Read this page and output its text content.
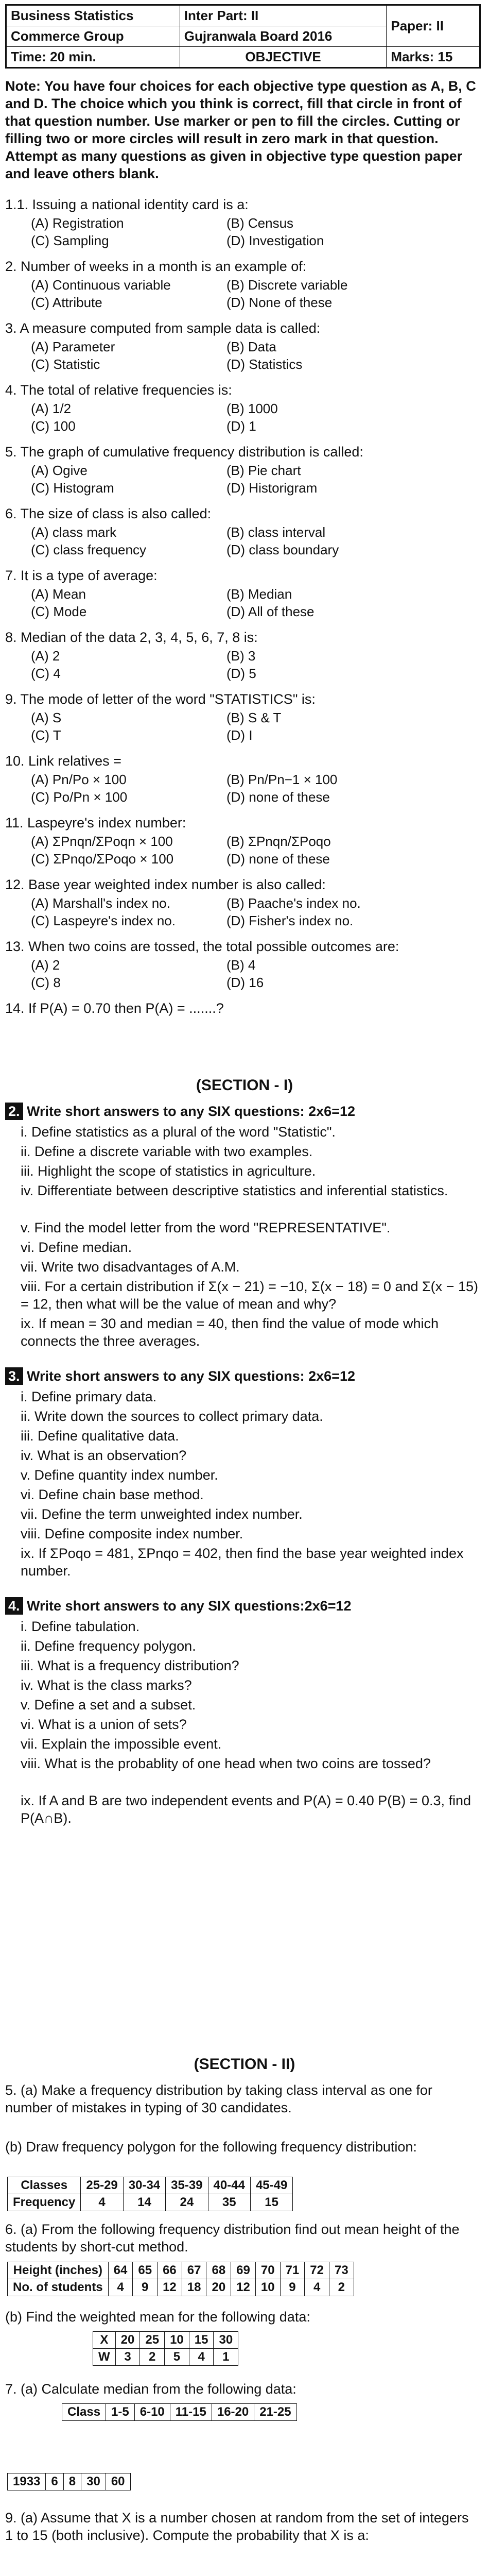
Business Statistics	Inter Part: II	Paper: II
Commerce Group	Gujranwala Board 2016	
Time: 20 min.	OBJECTIVE	Marks: 15
Note: You have four choices for each objective type question as A, B, C and D. The choice which you think is correct, fill that circle in front of that question number. Use marker or pen to fill the circles. Cutting or filling two or more circles will result in zero mark in that question. Attempt as many questions as given in objective type question paper and leave others blank.
1.1. Issuing a national identity card is a:
(A) Registration	(B) Census
(C) Sampling	(D) Investigation
2. Number of weeks in a month is an example of:
(A) Continuous variable	(B) Discrete variable
(C) Attribute	(D) None of these
3. A measure computed from sample data is called:
(A) Parameter	(B) Data
(C) Statistic	(D) Statistics
4. The total of relative frequencies is:
(A) 1/2	(B) 1000
(C) 100	(D) 1
5. The graph of cumulative frequency distribution is called:
(A) Ogive	(B) Pie chart
(C) Histogram	(D) Historigram
6. The size of class is also called:
(A) class mark	(B) class interval
(C) class frequency	(D) class boundary
7. It is a type of average:
(A) Mean	(B) Median
(C) Mode	(D) All of these
8. Median of the data 2, 3, 4, 5, 6, 7, 8 is:
(A) 2	(B) 3
(C) 4	(D) 5
9. The mode of letter of the word "STATISTICS" is:
(A) S	(B) S & T
(C) T	(D) I
10. Link relatives =
(A) Pn/Po × 100	(B) Pn/Pn−1 × 100
(C) Po/Pn × 100	(D) none of these
11. Laspeyre's index number:
(A) ΣPnqn/ΣPoqn × 100	(B) ΣPnqn/ΣPoqo
(C) ΣPnqo/ΣPoqo × 100	(D) none of these
12. Base year weighted index number is also called:
(A) Marshall's index no.	(B) Paache's index no.
(C) Laspeyre's index no.	(D) Fisher's index no.
13. When two coins are tossed, the total possible outcomes are:
(A) 2	(B) 4
(C) 8	(D) 16
14. If P(A) = 0.70 then P(A) = .......?
(SECTION - I)
2. Write short answers to any SIX questions: 2x6=12
i. Define statistics as a plural of the word "Statistic".
ii. Define a discrete variable with two examples.
iii. Highlight the scope of statistics in agriculture.
iv. Differentiate between descriptive statistics and inferential statistics.
v. Find the model letter from the word "REPRESENTATIVE".
vi. Define median.
vii. Write two disadvantages of A.M.
viii. For a certain distribution if Σ(x − 21) = −10, Σ(x − 18) = 0 and Σ(x − 15) = 12, then what will be the value of mean and why?
ix. If mean = 30 and median = 40, then find the value of mode which connects the three averages.
3. Write short answers to any SIX questions: 2x6=12
i. Define primary data.
ii. Write down the sources to collect primary data.
iii. Define qualitative data.
iv. What is an observation?
v. Define quantity index number.
vi. Define chain base method.
vii. Define the term unweighted index number.
viii. Define composite index number.
ix. If ΣPoqo = 481, ΣPnqo = 402, then find the base year weighted index number.
4. Write short answers to any SIX questions:2x6=12
i. Define tabulation.
ii. Define frequency polygon.
iii. What is a frequency distribution?
iv. What is the class marks?
v. Define a set and a subset.
vi. What is a union of sets?
vii. Explain the impossible event.
viii. What is the probablity of one head when two coins are tossed?
ix. If A and B are two independent events and P(A) = 0.40 P(B) = 0.3, find P(A∩B).
(SECTION - II)
5. (a) Make a frequency distribution by taking class interval as one for number of mistakes in typing of 30 candidates.
(b) Draw frequency polygon for the following frequency distribution:
Classes	25-29	30-34	35-39	40-44	45-49
Frequency	4	14	24	35	15
6. (a) From the following frequency distribution find out mean height of the students by short-cut method.
Height (inches)	64	65	66	67	68	69	70	71	72	73
No. of students	4	9	12	18	20	12	10	9	4	2
(b) Find the weighted mean for the following data:
X	20	25	10	15	30
W	3	2	5	4	1
7. (a) Calculate median from the following data:
Class	1-5	6-10	11-15	16-20	21-25
1933	6	8	30	60
9. (a) Assume that X is a number chosen at random from the set of integers 1 to 15 (both inclusive). Compute the probability that X is a:
